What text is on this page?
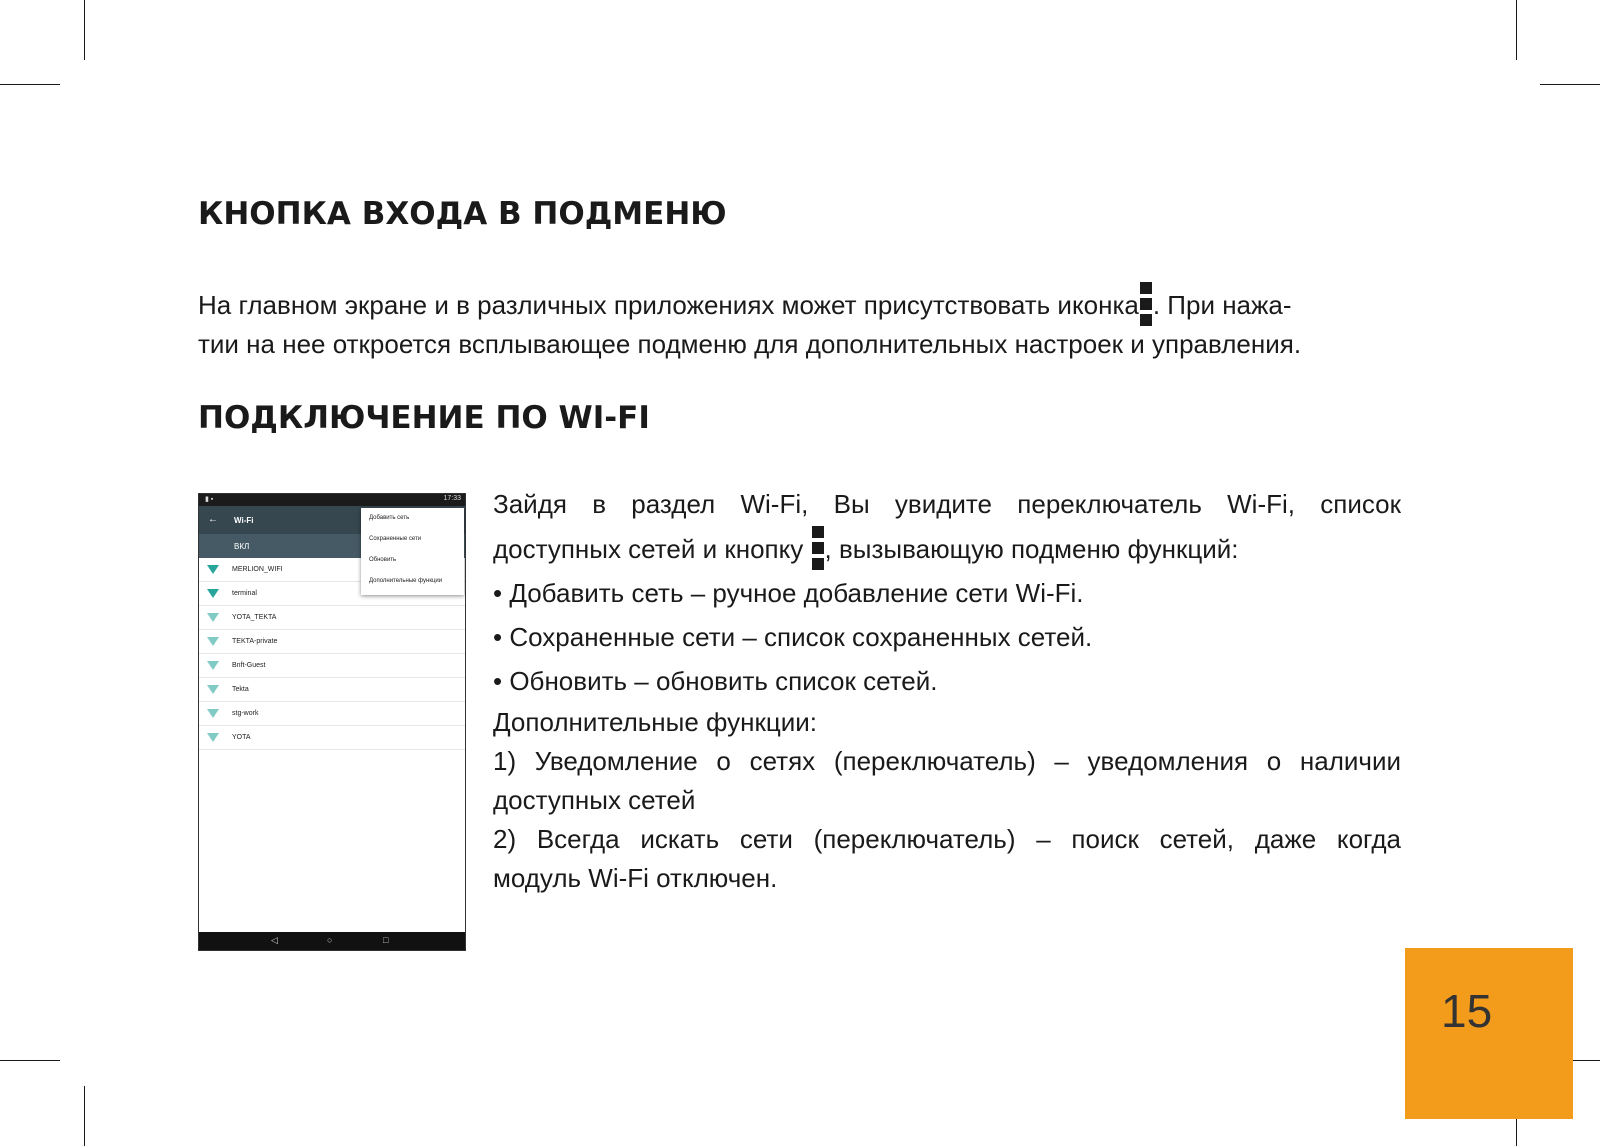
КНОПКА ВХОДА В ПОДМЕНЮ
На главном экране и в различных приложениях может присутствовать иконка . При нажа-
тии на нее откроется всплывающее подменю для дополнительных настроек и управления.
ПОДКЛЮЧЕНИЕ ПО WI-FI
▮ ▪	17:33
← Wi-Fi
ВКЛ
MERLION_WIFI
terminal
YOTA_TEKTA
TEKTA-private
Bnft-Guest
Tekta
stg-work
YOTA
Добавить сеть
Сохраненные сети
Обновить
Дополнительные функции
◁	○	□
Зайдя в раздел Wi-Fi, Вы увидите переключатель Wi-Fi, список
доступных сетей и кнопку , вызывающую подменю функций:
• Добавить сеть – ручное добавление сети Wi-Fi.
• Сохраненные сети – список сохраненных сетей.
• Обновить – обновить список сетей.
Дополнительные функции:
1) Уведомление о сетях (переключатель) – уведомления о наличии
доступных сетей
2) Всегда искать сети (переключатель) – поиск сетей, даже когда
модуль Wi-Fi отключен.
15
